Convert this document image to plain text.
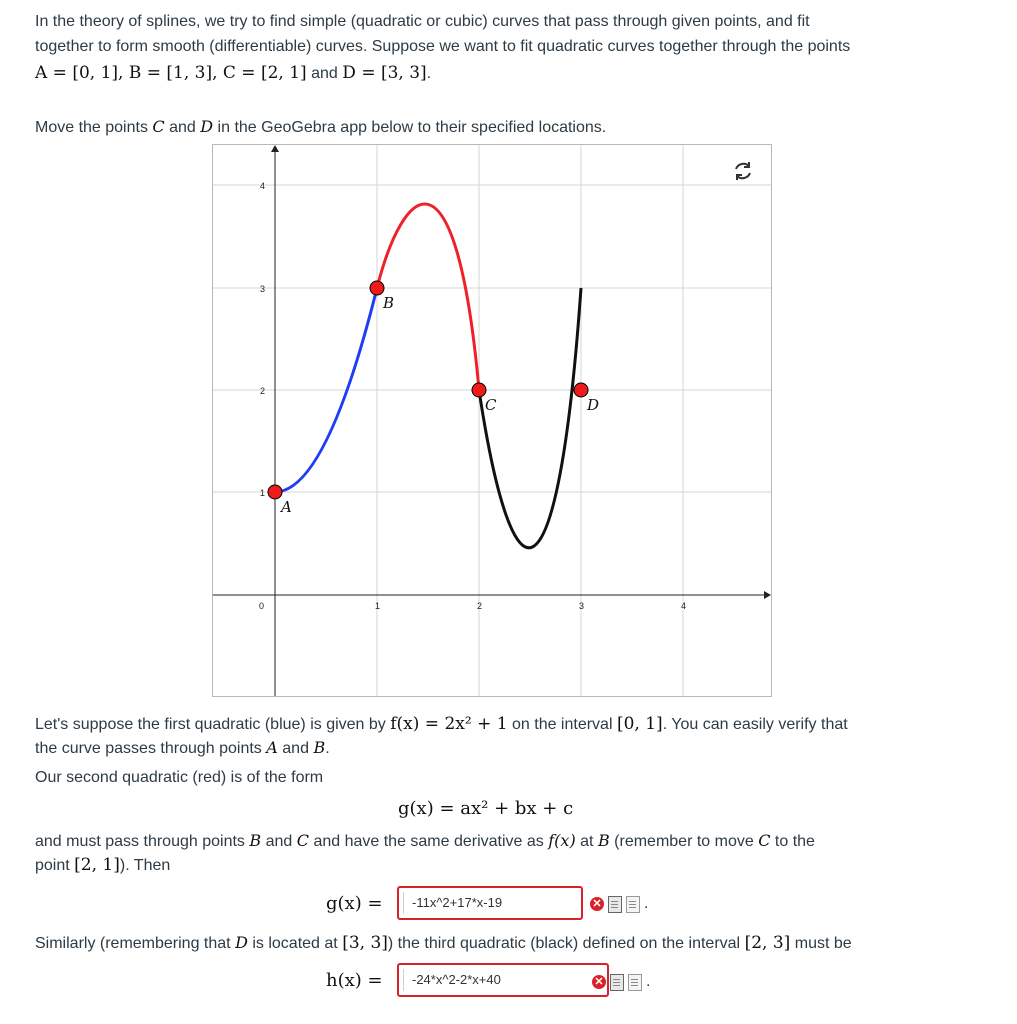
In the theory of splines, we try to find simple (quadratic or cubic) curves that pass through given points, and fit

together to form smooth (differentiable) curves. Suppose we want to fit quadratic curves together through the points

A = [0, 1], B = [1, 3], C = [2, 1] and D = [3, 3].

Move the points C and D in the GeoGebra app below to their specified locations.

4
3
2
1
1	2	3	4
0
A
B
C	D

Let's suppose the first quadratic (blue) is given by f(x) = 2x² + 1 on the interval [0, 1]. You can easily verify that

the curve passes through points A and B.

Our second quadratic (red) is of the form

g(x) = ax² + bx + c

and must pass through points B and C and have the same derivative as f(x) at B (remember to move C to the

point [2, 1]). Then

g(x) =	-11x^2+17*x-19	✕	.

Similarly (remembering that D is located at [3, 3]) the third quadratic (black) defined on the interval [2, 3] must be

h(x) =	-24*x^2-2*x+40	✕	.
